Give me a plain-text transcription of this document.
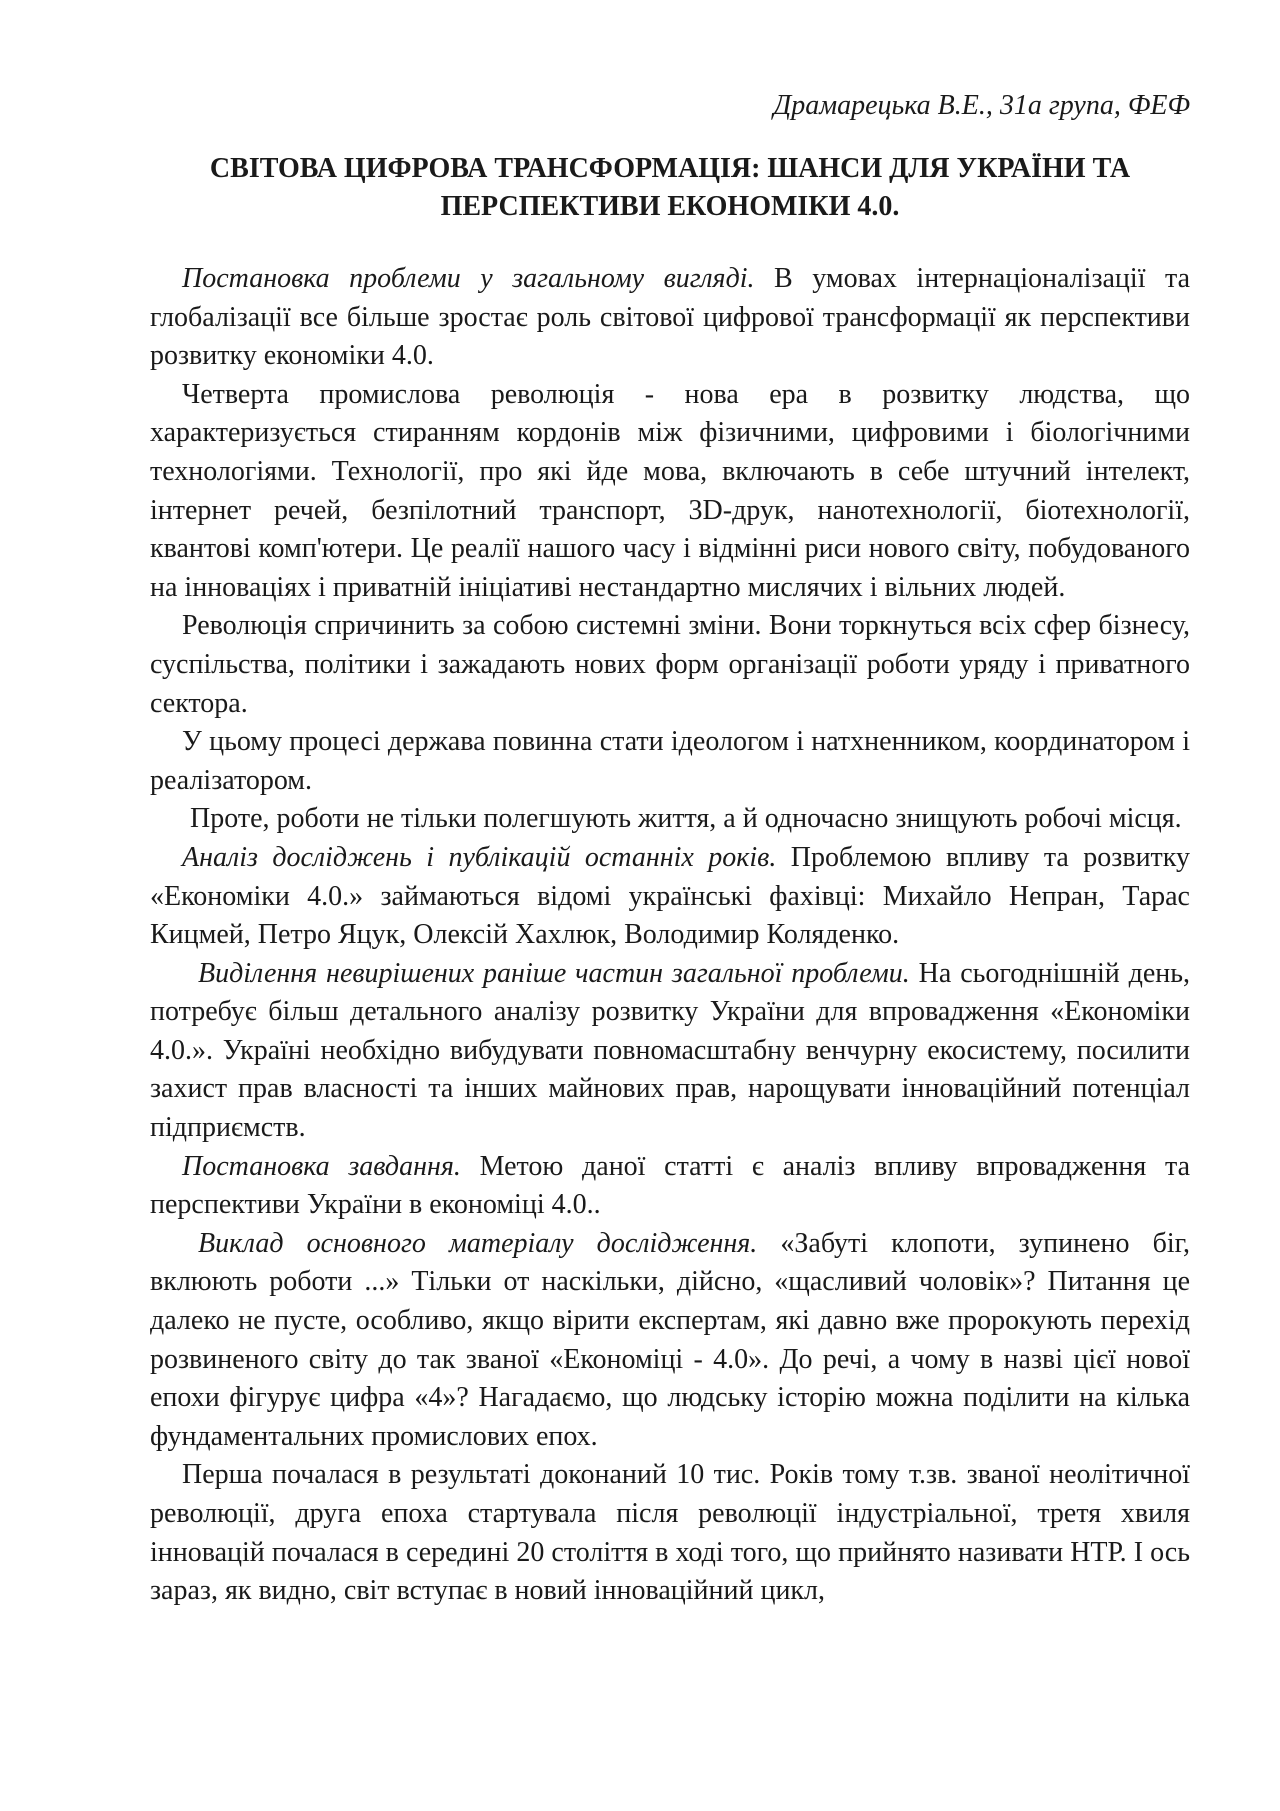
Драмарецька В.Е., 31а група, ФЕФ

СВІТОВА ЦИФРОВА ТРАНСФОРМАЦІЯ: ШАНСИ ДЛЯ УКРАЇНИ ТА ПЕРСПЕКТИВИ ЕКОНОМІКИ 4.0.

Постановка проблеми у загальному вигляді. В умовах інтернаціоналізації та глобалізації все більше зростає роль світової цифрової трансформації як перспективи розвитку економіки 4.0.

Четверта промислова революція - нова ера в розвитку людства, що характеризується стиранням кордонів між фізичними, цифровими і біологічними технологіями. Технології, про які йде мова, включають в себе штучний інтелект, інтернет речей, безпілотний транспорт, 3D-друк, нанотехнології, біотехнології, квантові комп'ютери. Це реалії нашого часу і відмінні риси нового світу, побудованого на інноваціях і приватній ініціативі нестандартно мислячих і вільних людей.

Революція спричинить за собою системні зміни. Вони торкнуться всіх сфер бізнесу, суспільства, політики і зажадають нових форм організації роботи уряду і приватного сектора.

У цьому процесі держава повинна стати ідеологом і натхненником, координатором і реалізатором.

Проте, роботи не тільки полегшують життя, а й одночасно знищують робочі місця.

Аналіз досліджень і публікацій останніх років. Проблемою впливу та розвитку «Економіки 4.0.» займаються відомі українські фахівці: Михайло Непран, Тарас Кицмей, Петро Яцук, Олексій Хахлюк, Володимир Коляденко.

Виділення невирішених раніше частин загальної проблеми. На сьогоднішній день, потребує більш детального аналізу розвитку України для впровадження «Економіки 4.0.». Україні необхідно вибудувати повномасштабну венчурну екосистему, посилити захист прав власності та інших майнових прав, нарощувати інноваційний потенціал підприємств.

Постановка завдання. Метою даної статті є аналіз впливу впровадження та перспективи України в економіці 4.0..

Виклад основного матеріалу дослідження. «Забуті клопоти, зупинено біг, вклюють роботи ...» Тільки от наскільки, дійсно, «щасливий чоловік»? Питання це далеко не пусте, особливо, якщо вірити експертам, які давно вже пророкують перехід розвиненого світу до так званої «Економіці - 4.0». До речі, а чому в назві цієї нової епохи фігурує цифра «4»? Нагадаємо, що людську історію можна поділити на кілька фундаментальних промислових епох.

Перша почалася в результаті доконаний 10 тис. Років тому т.зв. званої неолітичної революції, друга епоха стартувала після революції індустріальної, третя хвиля інновацій почалася в середині 20 століття в ході того, що прийнято називати НТР. І ось зараз, як видно, світ вступає в новий інноваційний цикл,
